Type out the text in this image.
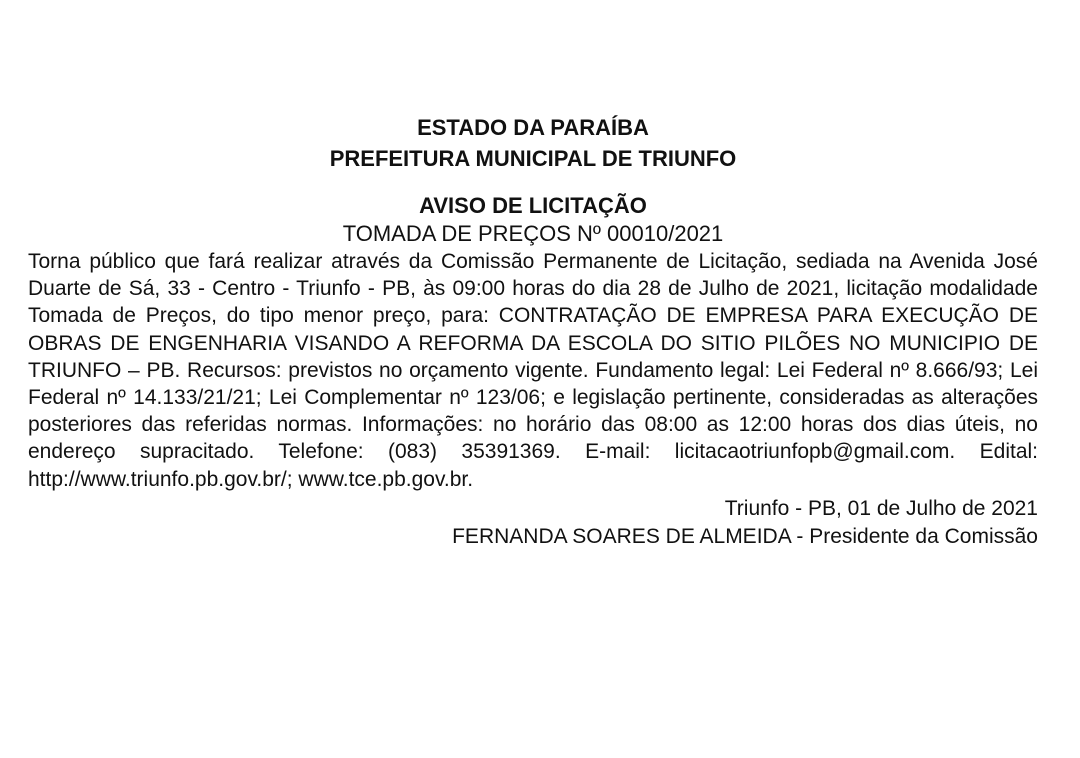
ESTADO DA PARAÍBA

PREFEITURA MUNICIPAL DE TRIUNFO

AVISO DE LICITAÇÃO

TOMADA DE PREÇOS Nº 00010/2021

Torna público que fará realizar através da Comissão Permanente de Licitação, sediada na Avenida José Duarte de Sá, 33 - Centro - Triunfo - PB, às 09:00 horas do dia 28 de Julho de 2021, licitação modalidade Tomada de Preços, do tipo menor preço, para: CONTRATAÇÃO DE EMPRESA PARA EXECUÇÃO DE OBRAS DE ENGENHARIA VISANDO A REFORMA DA ESCOLA DO SITIO PILÕES NO MUNICIPIO DE TRIUNFO – PB. Recursos: previstos no orçamento vigente. Fundamento legal: Lei Federal nº 8.666/93; Lei Federal nº 14.133/21/21; Lei Complementar nº 123/06; e legislação pertinente, consideradas as alterações posteriores das referidas normas. Informações: no horário das 08:00 as 12:00 horas dos dias úteis, no endereço supracitado. Telefone: (083) 35391369. E-mail: licitacaotriunfopb@gmail.com. Edital: http://www.triunfo.pb.gov.br/; www.tce.pb.gov.br.

Triunfo - PB, 01 de Julho de 2021

FERNANDA SOARES DE ALMEIDA - Presidente da Comissão
